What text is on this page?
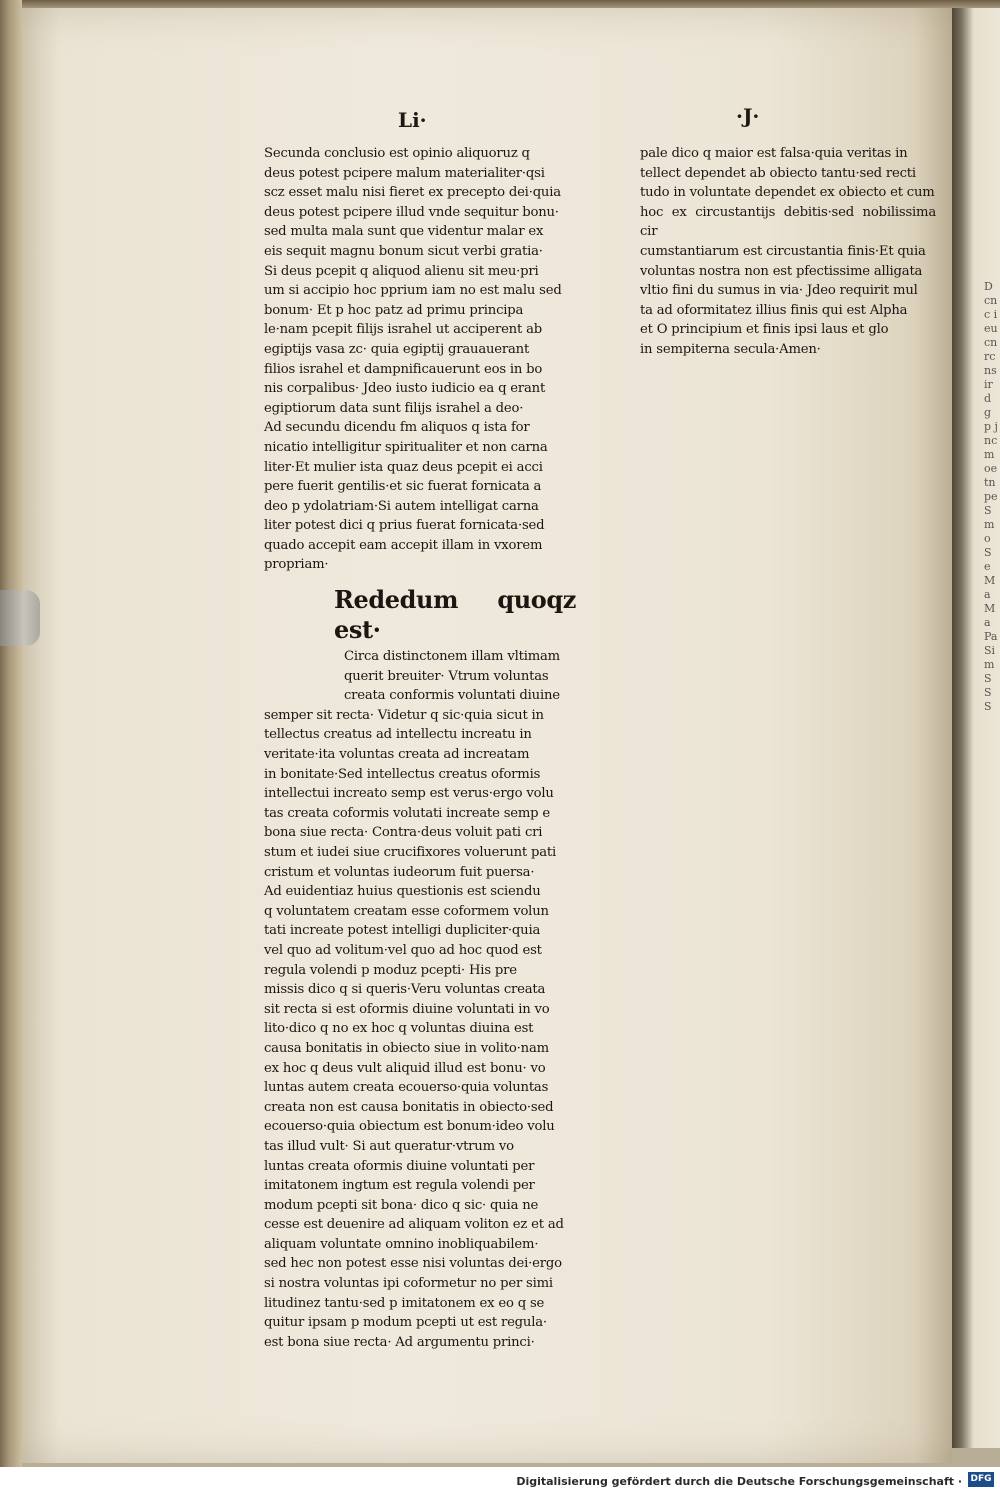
Dcnc ieucn rcnsirdgp jncmoetn pe Smo Se Ma Ma Pa Sim S S S
Li·	·J·

Secunda conclusio est opinio aliquoruz q
deus potest pcipere malum materialiter·qsi
scz esset malu nisi fieret ex precepto dei·quia
deus potest pcipere illud vnde sequitur bonu·
sed multa mala sunt que videntur malar ex
eis sequit magnu bonum sicut verbi gratia·
Si deus pcepit q aliquod alienu sit meu·pri
um si accipio hoc pprium iam no est malu sed
bonum· Et p hoc patz ad primu principa
le·nam pcepit filijs israhel ut acciperent ab
egiptijs vasa zc· quia egiptij grauauerant
filios israhel et dampnificauerunt eos in bo
nis corpalibus· Jdeo iusto iudicio ea q erant
egiptiorum data sunt filijs israhel a deo·
Ad secundu dicendu fm aliquos q ista for
nicatio intelligitur spiritualiter et non carna
liter·Et mulier ista quaz deus pcepit ei acci
pere fuerit gentilis·et sic fuerat fornicata a
deo p ydolatriam·Si autem intelligat carna
liter potest dici q prius fuerat fornicata·sed
quado accepit eam accepit illam in vxorem
propriam·

Rededum quoqz est·

Circa distinctonem illam vltimam
querit breuiter· Vtrum voluntas
creata conformis voluntati diuine

semper sit recta· Videtur q sic·quia sicut in
tellectus creatus ad intellectu increatu in
veritate·ita voluntas creata ad increatam
in bonitate·Sed intellectus creatus oformis
intellectui increato semp est verus·ergo volu
tas creata coformis volutati increate semp e
bona siue recta· Contra·deus voluit pati cri
stum et iudei siue crucifixores voluerunt pati
cristum et voluntas iudeorum fuit puersa·
Ad euidentiaz huius questionis est sciendu
q voluntatem creatam esse coformem volun
tati increate potest intelligi dupliciter·quia
vel quo ad volitum·vel quo ad hoc quod est
regula volendi p moduz pcepti· His pre
missis dico q si queris·Veru voluntas creata
sit recta si est oformis diuine voluntati in vo
lito·dico q no ex hoc q voluntas diuina est
causa bonitatis in obiecto siue in volito·nam
ex hoc q deus vult aliquid illud est bonu· vo
luntas autem creata ecouerso·quia voluntas
creata non est causa bonitatis in obiecto·sed
ecouerso·quia obiectum est bonum·ideo volu
tas illud vult· Si aut queratur·vtrum vo
luntas creata oformis diuine voluntati per
imitatonem ingtum est regula volendi per
modum pcepti sit bona· dico q sic· quia ne
cesse est deuenire ad aliquam voliton ez et ad
aliquam voluntate omnino inobliquabilem·
sed hec non potest esse nisi voluntas dei·ergo
si nostra voluntas ipi coformetur no per simi
litudinez tantu·sed p imitatonem ex eo q se
quitur ipsam p modum pcepti ut est regula·
est bona siue recta· Ad argumentu princi·

pale dico q maior est falsa·quia veritas in
tellect dependet ab obiecto tantu·sed recti
tudo in voluntate dependet ex obiecto et cum
hoc ex circustantijs debitis·sed nobilissima cir
cumstantiarum est circustantia finis·Et quia
voluntas nostra non est pfectissime alligata
vltio fini du sumus in via· Jdeo requirit mul
ta ad oformitatez illius finis qui est Alpha
et O principium et finis ipsi laus et glo
in sempiterna secula·Amen·

Digitalisierung gefördert durch die Deutsche Forschungsgemeinschaft · DFG
